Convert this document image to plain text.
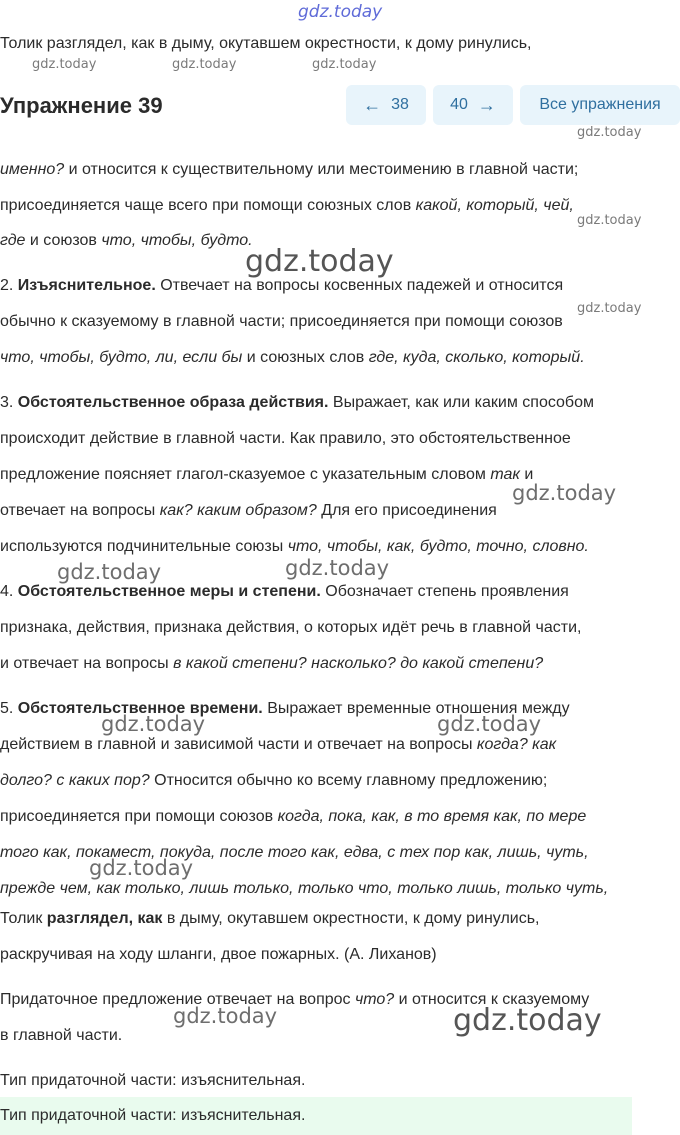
gdz.today
Толик разглядел, как в дыму, окутавшем окрестности, к дому ринулись,
gdz.today	gdz.today	gdz.today
Упражнение 39	← 38	40 →	Все упражнения
gdz.today
именно? и относится к существительному или местоимению в главной части;
присоединяется чаще всего при помощи союзных слов какой, который, чей,
gdz.today
где и союзов что, чтобы, будто.
gdz.today
2. Изъяснительное. Отвечает на вопросы косвенных падежей и относится
gdz.today
обычно к сказуемому в главной части; присоединяется при помощи союзов
что, чтобы, будто, ли, если бы и союзных слов где, куда, сколько, который.
3. Обстоятельственное образа действия. Выражает, как или каким способом
происходит действие в главной части. Как правило, это обстоятельственное
предложение поясняет глагол-сказуемое с указательным словом так и
gdz.today
отвечает на вопросы как? каким образом? Для его присоединения
используются подчинительные союзы что, чтобы, как, будто, точно, словно.
gdz.today	gdz.today
4. Обстоятельственное меры и степени. Обозначает степень проявления
признака, действия, признака действия, о которых идёт речь в главной части,
и отвечает на вопросы в какой степени? насколько? до какой степени?
5. Обстоятельственное времени. Выражает временные отношения между
gdz.today	gdz.today
действием в главной и зависимой части и отвечает на вопросы когда? как
долго? с каких пор? Относится обычно ко всему главному предложению;
присоединяется при помощи союзов когда, пока, как, в то время как, по мере
того как, покамест, покуда, после того как, едва, с тех пор как, лишь, чуть,
gdz.today
прежде чем, как только, лишь только, только что, только лишь, только чуть,
Толик разглядел, как в дыму, окутавшем окрестности, к дому ринулись,
раскручивая на ходу шланги, двое пожарных. (А. Лиханов)
Придаточное предложение отвечает на вопрос что? и относится к сказуемому
gdz.today	gdz.today
в главной части.
Тип придаточной части: изъяснительная.
Тип придаточной части: изъяснительная.
